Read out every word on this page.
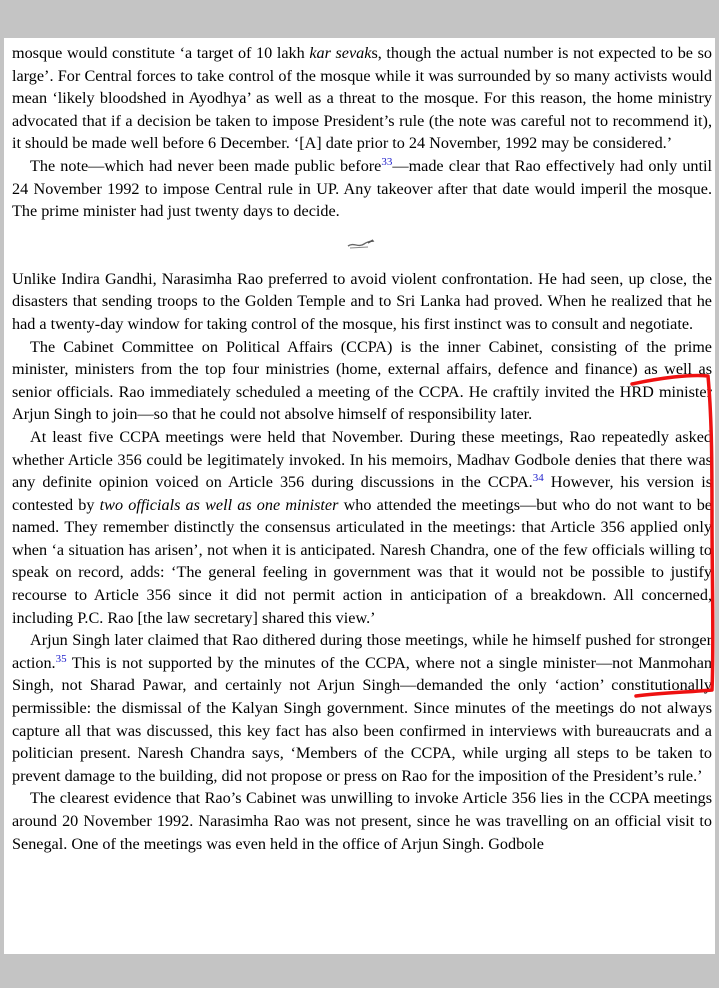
mosque would constitute ‘a target of 10 lakh kar sevaks, though the actual number is not expected to be so large’. For Central forces to take control of the mosque while it was surrounded by so many activists would mean ‘likely bloodshed in Ayodhya’ as well as a threat to the mosque. For this reason, the home ministry advocated that if a decision be taken to impose President’s rule (the note was careful not to recommend it), it should be made well before 6 December. ‘[A] date prior to 24 November, 1992 may be considered.’

The note—which had never been made public before$^{33}$—made clear that Rao effectively had only until 24 November 1992 to impose Central rule in UP. Any takeover after that date would imperil the mosque. The prime minister had just twenty days to decide.

Unlike Indira Gandhi, Narasimha Rao preferred to avoid violent confrontation. He had seen, up close, the disasters that sending troops to the Golden Temple and to Sri Lanka had proved. When he realized that he had a twenty-day window for taking control of the mosque, his first instinct was to consult and negotiate.

The Cabinet Committee on Political Affairs (CCPA) is the inner Cabinet, consisting of the prime minister, ministers from the top four ministries (home, external affairs, defence and finance) as well as senior officials. Rao immediately scheduled a meeting of the CCPA. He craftily invited the HRD minister Arjun Singh to join—so that he could not absolve himself of responsibility later.

At least five CCPA meetings were held that November. During these meetings, Rao repeatedly asked whether Article 356 could be legitimately invoked. In his memoirs, Madhav Godbole denies that there was any definite opinion voiced on Article 356 during discussions in the CCPA.$^{34}$ However, his version is contested by two officials as well as one minister who attended the meetings—but who do not want to be named. They remember distinctly the consensus articulated in the meetings: that Article 356 applied only when ‘a situation has arisen’, not when it is anticipated. Naresh Chandra, one of the few officials willing to speak on record, adds: ‘The general feeling in government was that it would not be possible to justify recourse to Article 356 since it did not permit action in anticipation of a breakdown. All concerned, including P.C. Rao [the law secretary] shared this view.’

Arjun Singh later claimed that Rao dithered during those meetings, while he himself pushed for stronger action.$^{35}$ This is not supported by the minutes of the CCPA, where not a single minister—not Manmohan Singh, not Sharad Pawar, and certainly not Arjun Singh—demanded the only ‘action’ constitutionally permissible: the dismissal of the Kalyan Singh government. Since minutes of the meetings do not always capture all that was discussed, this key fact has also been confirmed in interviews with bureaucrats and a politician present. Naresh Chandra says, ‘Members of the CCPA, while urging all steps to be taken to prevent damage to the building, did not propose or press on Rao for the imposition of the President’s rule.’

The clearest evidence that Rao’s Cabinet was unwilling to invoke Article 356 lies in the CCPA meetings around 20 November 1992. Narasimha Rao was not present, since he was travelling on an official visit to Senegal. One of the meetings was even held in the office of Arjun Singh. Godbole
